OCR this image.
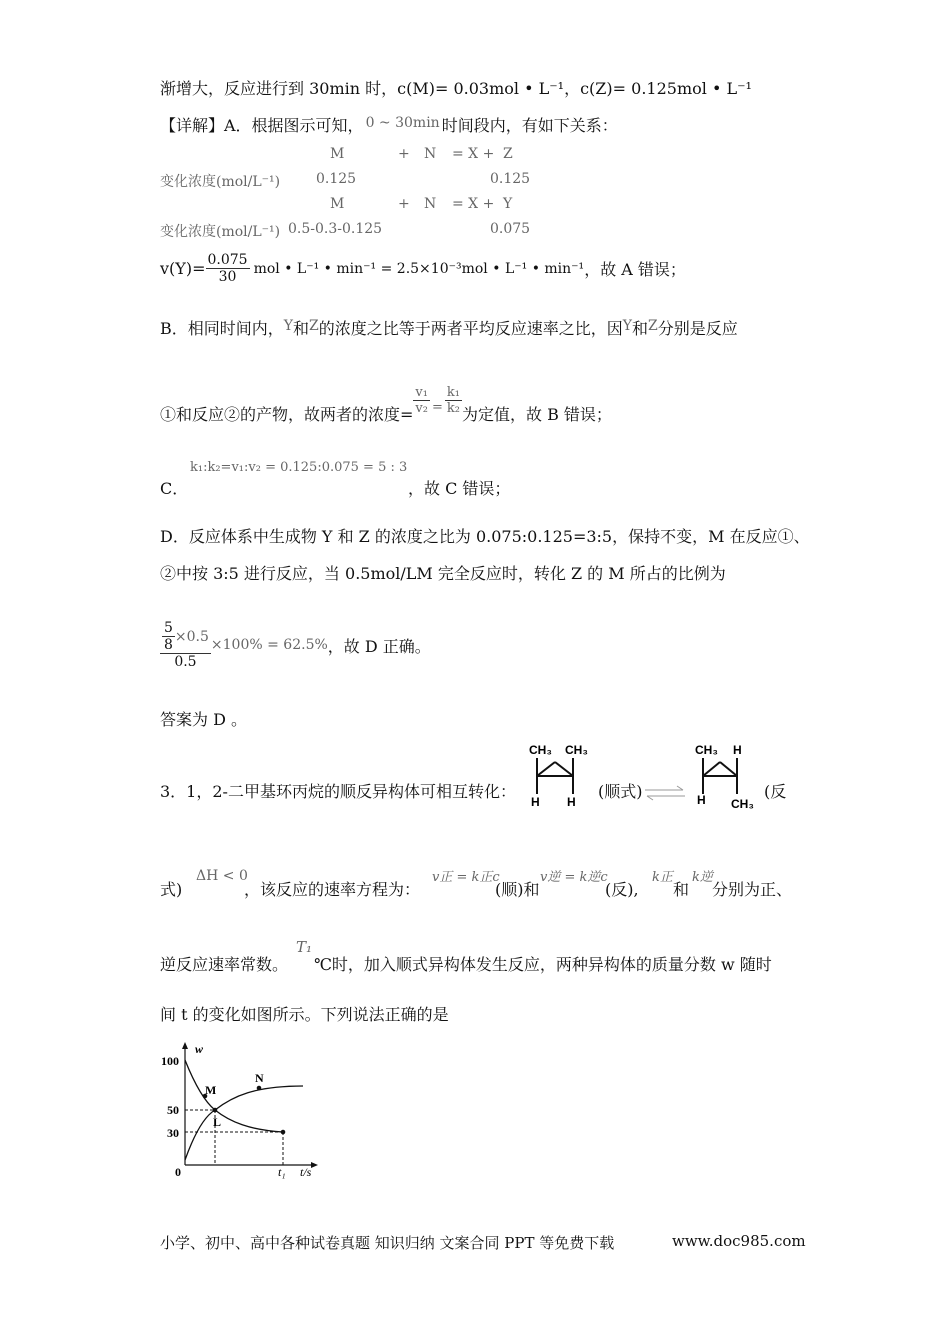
渐增大，反应进行到 30min 时，c(M)= 0.03mol • L⁻¹，c(Z)= 0.125mol • L⁻¹
【详解】A．根据图示可知， 0 ~ 30min 时间段内，有如下关系：
M	+ N = X + Z
变化浓度(mol/L⁻¹)	0.125	0.125
M	+ N = X + Y
变化浓度(mol/L⁻¹) 0.5-0.3-0.125	0.075
$v(Y)= \frac{0.075}{30}$ mol • L⁻¹ • min⁻¹ = 2.5×10⁻³mol • L⁻¹ • min⁻¹ ，故 A 错误；
B．相同时间内，Y和Z的浓度之比等于两者平均反应速率之比，因Y和Z分别是反应
①和反应②的产物，故两者的浓度= $\frac{\text{v₁}}{\text{v₂}} = \frac{\text{k₁}}{\text{k₂}}$ 为定值，故 B 错误；
k₁:k₂=v₁:v₂ = 0.125:0.075 = 5 : 3
C．	，故 C 错误；
D．反应体系中生成物 Y 和 Z 的浓度之比为 0.075:0.125=3:5，保持不变，M 在反应①、
②中按 3:5 进行反应，当 0.5mol/LM 完全反应时，转化 Z 的 M 所占的比例为
$\frac{\frac{5}{8} \times 0.5}{0.5} \times 100\% = 62.5\%$ ，故 D 正确。
答案为 D 。
3．1，2-二甲基环丙烷的顺反异构体可相互转化：
CH₃ CH₃
H H
(顺式) ⇌
CH₃ H
H CH₃
(反
式)
ΔH < 0
，该反应的速率方程为：
v正 = k正c
(顺)和
v逆 = k逆c
(反),
k正
和
k逆
分别为正、
逆反应速率常数。
T₁
℃时，加入顺式异构体发生反应，两种异构体的质量分数 w 随时
间 t 的变化如图所示。下列说法正确的是
w
t/s
100
50
30
0	t₁
M
L
N
小学、初中、高中各种试卷真题 知识归纳 文案合同 PPT 等免费下载	www.doc985.com
